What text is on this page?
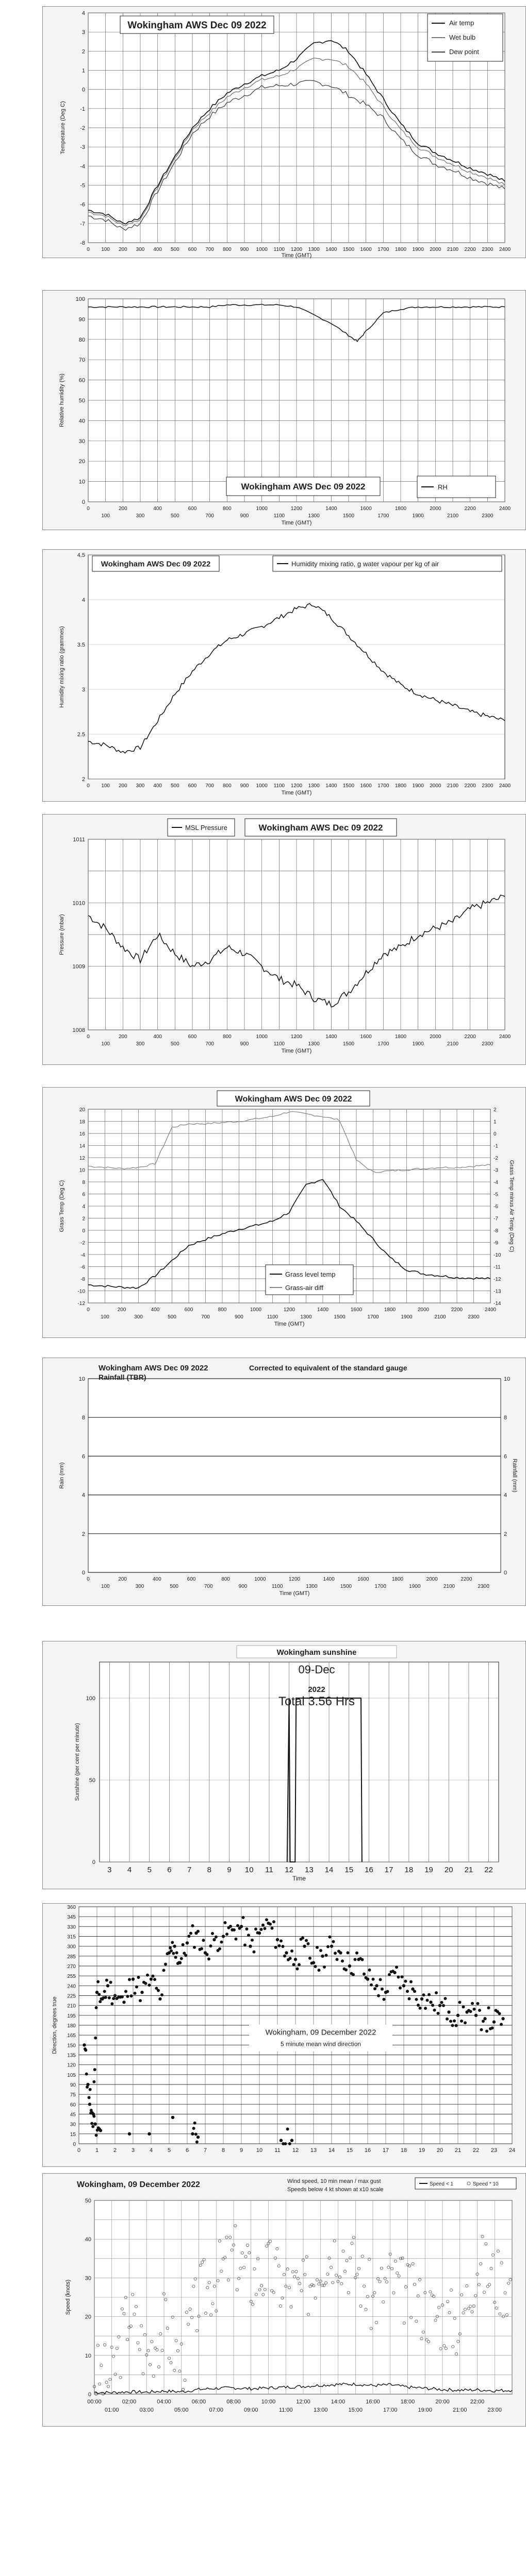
4
3
2
1
0
-1
-2
-3
-4
-5
-6
-7
-8
0 100 200 300 400 500 600 700 800 900 1000 1100 1200 1300 1400 1500 1600 1700 1800 1900 2000 2100 2200 2300 2400
Time (GMT)
Temperature (Deg C)
Wokingham AWS Dec 09 2022	Air temp
Wet bulb
Dew point
100
90
80
70
60
50
40
30
20
10
0
0	200	400	600	800	1000	1200	1400	1600	1800	2000	2200	2400
100	300	500	700	900	1100	1300	1500	1700	1900	2100	2300
Time (GMT)
Relative humidity (%)
Wokingham AWS Dec 09 2022	RH
4.5
4
3.5
3
2.5
2
0 100 200 300 400 500 600 700 800 900 1000 1100 1200 1300 1400 1500 1600 1700 1800 1900 2000 2100 2200 2300 2400
Time (GMT)
Humidity mixing ratio (grammes)
Wokingham AWS Dec 09 2022	Humidity mixing ratio, g water vapour per kg of air
1011
1010
1009
1008
0	200	400	600	800	1000	1200	1400	1600	1800	2000	2200	2400
100	300	500	700	900	1100	1300	1500	1700	1900	2100	2300
Time (GMT)
Pressure (mbar)
MSL Pressure	Wokingham AWS Dec 09 2022
20
18
16
14
12
10
8
6
4
2
0
-2
-4
-6
-8
-10
-12
2
1
0
-1
-2
-3
-4
-5
-6
-7
-8
-9
-10
-11
-12
-13
-14
0	200	400	600	800	1000	1200	1400	1600	1800	2000	2200	2400
100	300	500	700	900	1100	1300	1500	1700	1900	2100	2300
Time (GMT)
Grass Temp (Deg C)	Grass Temp minus Air Temp (Deg C)
Wokingham AWS Dec 09 2022
Grass level temp
Grass-air diff
10
8
6
4
2
0
10
8
6
4
2
0
0	200	400	600	800	1000	1200	1400	1600	1800	2000	2200
100	300	500	700	900	1100	1300	1500	1700	1900	2100	2300
Time (GMT)
Rain (mm)	Rainfall (mm)
Wokingham AWS Dec 09 2022
Rainfall (TBR)
Corrected to equivalent of the standard gauge
0
50
100
3 4 5 6 7 8 9 10 11 12 13 14 15 16 17 18 19 20 21 22
Time
Sunshine (per cent per minute)
Wokingham sunshine
09-Dec
2022
Total 3.56 Hrs
360
345
330
315
300
285
270
255
240
225
210
195
180
165
150
135
120
105
90
75
60
45
30
15
0
0	1	2	3	4	5	6	7	8	9 10 11 12 13 14 15 16 17 18 19 20 21 22 23 24
Direction, degrees true	Wokingham, 09 December 2022
5 minute mean wind direction
50
40
30
20
10
0
00:00	02:00	04:00	06:00	08:00	10:00	12:00	14:00	16:00	18:00	20:00	22:00
01:00	03:00	05:00	07:00	09:00	11:00	13:00	15:00	17:00	19:00	21:00	23:00
Speed (knots)
Wokingham, 09 December 2022	Wind speed, 10 min mean / max gust
Speeds below 4 kt shown at x10 scale
Speed < 1	Speed * 10
